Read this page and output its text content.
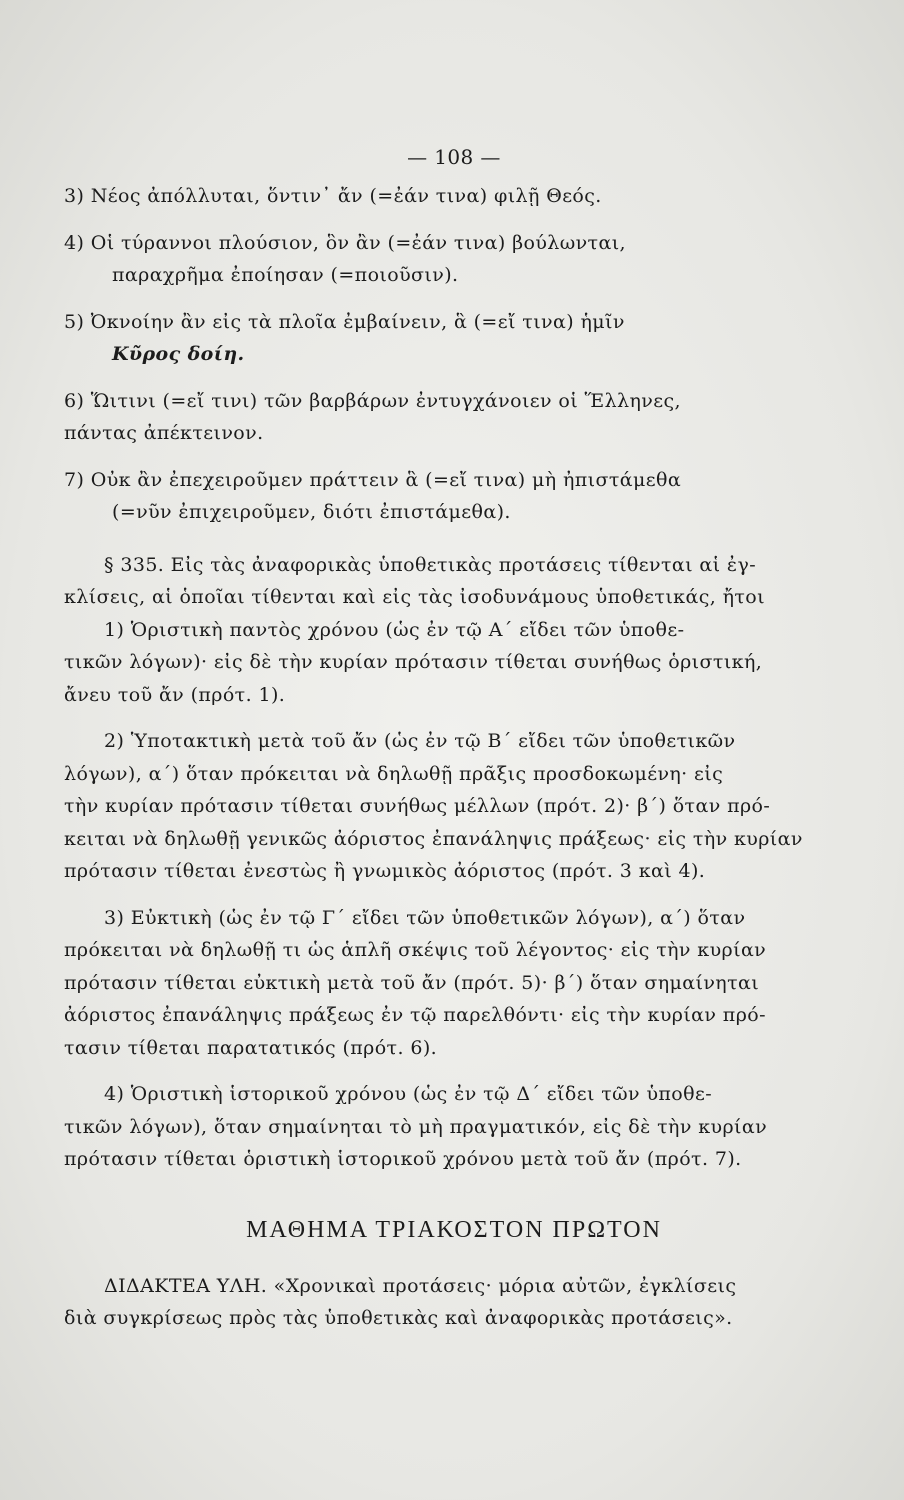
— 108 —
3) Νέος ἀπόλλυται, ὅντιν᾽ ἄν (=ἐάν τινα) φιλῇ Θεός.
4) Οἱ τύραννοι πλούσιον, ὃν ἂν (=ἐάν τινα) βούλωνται,
παραχρῆμα ἐποίησαν (=ποιοῦσιν).
5) Ὀκνοίην ἂν εἰς τὰ πλοῖα ἐμβαίνειν, ἃ (=εἴ τινα) ἡμῖν
Κῦρος δοίη.
6) Ὥιτινι (=εἴ τινι) τῶν βαρβάρων ἐντυγχάνοιεν οἱ Ἕλληνες,
πάντας ἀπέκτεινον.
7) Οὐκ ἂν ἐπεχειροῦμεν πράττειν ἃ (=εἴ τινα) μὴ ἠπιστάμεθα
(=νῦν ἐπιχειροῦμεν, διότι ἐπιστάμεθα).
§ 335. Εἰς τὰς ἀναφορικὰς ὑποθετικὰς προτάσεις τίθενται αἱ ἐγ-
κλίσεις, αἱ ὁποῖαι τίθενται καὶ εἰς τὰς ἰσοδυνάμους ὑποθετικάς, ἤτοι
1) Ὁριστικὴ παντὸς χρόνου (ὡς ἐν τῷ Α΄ εἴδει τῶν ὑποθε-
τικῶν λόγων)· εἰς δὲ τὴν κυρίαν πρότασιν τίθεται συνήθως ὁριστική,
ἄνευ τοῦ ἄν (πρότ. 1).
2) Ὑποτακτικὴ μετὰ τοῦ ἄν (ὡς ἐν τῷ Β΄ εἴδει τῶν ὑποθετικῶν
λόγων), α΄) ὅταν πρόκειται νὰ δηλωθῇ πρᾶξις προσδοκωμένη· εἰς
τὴν κυρίαν πρότασιν τίθεται συνήθως μέλλων (πρότ. 2)· β΄) ὅταν πρό-
κειται νὰ δηλωθῇ γενικῶς ἀόριστος ἐπανάληψις πράξεως· εἰς τὴν κυρίαν
πρότασιν τίθεται ἐνεστὼς ἢ γνωμικὸς ἀόριστος (πρότ. 3 καὶ 4).
3) Εὐκτικὴ (ὡς ἐν τῷ Γ΄ εἴδει τῶν ὑποθετικῶν λόγων), α΄) ὅταν
πρόκειται νὰ δηλωθῇ τι ὡς ἁπλῆ σκέψις τοῦ λέγοντος· εἰς τὴν κυρίαν
πρότασιν τίθεται εὐκτικὴ μετὰ τοῦ ἄν (πρότ. 5)· β΄) ὅταν σημαίνηται
ἀόριστος ἐπανάληψις πράξεως ἐν τῷ παρελθόντι· εἰς τὴν κυρίαν πρό-
τασιν τίθεται παρατατικός (πρότ. 6).
4) Ὁριστικὴ ἱστορικοῦ χρόνου (ὡς ἐν τῷ Δ΄ εἴδει τῶν ὑποθε-
τικῶν λόγων), ὅταν σημαίνηται τὸ μὴ πραγματικόν, εἰς δὲ τὴν κυρίαν
πρότασιν τίθεται ὁριστικὴ ἱστορικοῦ χρόνου μετὰ τοῦ ἄν (πρότ. 7).
ΜΑΘΗΜΑ ΤΡΙΑΚΟΣΤΟΝ ΠΡΩΤΟΝ
ΔΙΔΑΚΤΕΑ ΥΛΗ. «Χρονικαὶ προτάσεις· μόρια αὐτῶν, ἐγκλίσεις
διὰ συγκρίσεως πρὸς τὰς ὑποθετικὰς καὶ ἀναφορικὰς προτάσεις».
